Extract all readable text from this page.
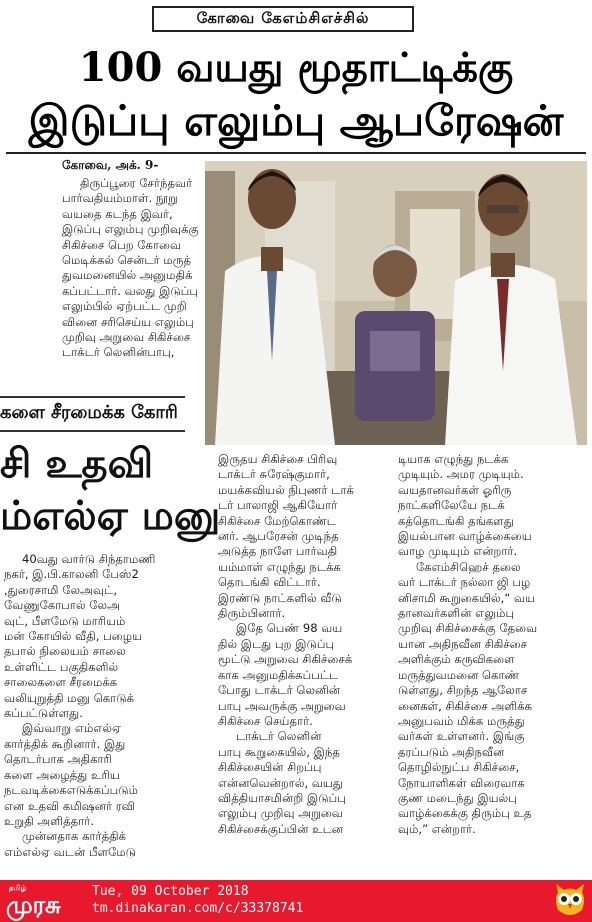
கோவை கேஎம்சிஎச்சில்
100 வயது மூதாட்டிக்கு
இடுப்பு எலும்பு ஆபரேஷன்
கோவை, அக். 9-

திருப்பூரை சேர்ந்தவர்

பார்வதியம்மாள். நூறு

வயதை கடந்த இவர்,

இடுப்பு எலும்பு முறிவுக்கு

சிகிச்சை பெற கோவை

மெடிக்கல் சென்டர் மருத்

துவமனையில் அனுமதிக்

கப்பட்டார். வலது இடுப்பு

எலும்பில் ஏற்பட்ட முறி

வினை சரிசெய்ய எலும்பு

முறிவு அறுவை சிகிச்சை

டாக்டர் லெனின்பாபு,

களை சீரமைக்க கோரி
சி உதவி
ம்எல்ஏ மனு

40வது வார்டு சிந்தாமணி

நகர், இ.பி.காலனி பேஸ்2

,துரைசாமி லேஅவுட்,

வேணுகோபால் லேஅ

வுட், பீளமேடு மாரியம்

மன் கோயில் வீதி, பழைய

தபால் நிலையம் சாலை

உள்ளிட்ட பகுதிகளில்

சாலைகளை சீரமைக்க

வலியுறுத்தி மனு கொடுக்

கப்பட்டுள்ளது.

இவ்வாறு எம்எல்ஏ

கார்த்திக் கூறினார். இது

தொடர்பாக அதிகாரி

களை அழைத்து உரிய

நடவடிக்கைஎடுக்கப்படும்

என உதவி கமிஷனர் ரவி

உறுதி அளித்தார்.

முன்னதாக கார்த்திக்

எம்எல்ஏ வடன் பீளமேடு

இருதய சிகிச்சை பிரிவு

டாக்டர் சுரேஷ்குமார்,

மயக்கவியல் நிபுணர் டாக்

டர் பாலாஜி ஆகியோர்

சிகிச்சை மேற்கொண்ட

னர். ஆபரேசன் முடிந்த

அடுத்த நாளே பார்வதி

யம்மாள் எழுந்து நடக்க

தொடங்கி விட்டார்.

இரண்டு நாட்களில் வீடு

திரும்பினார்.

இதே பெண் 98 வய

தில் இடது புற இடுப்பு

மூட்டு அறுவை சிகிச்சைக்

காக அனுமதிக்கப்பட்ட

போது டாக்டர் லெனின்

பாபு அவருக்கு அறுவை

சிகிச்சை செய்தார்.

டாக்டர் லெனின்

பாபு கூறுகையில், இந்த

சிகிச்சையின் சிறப்பு

என்னவென்றால், வயது

வித்தியாசமின்றி இடுப்பு

எலும்பு முறிவு அறுவை

சிகிச்சைக்குப்பின் உடன

டியாக எழுந்து நடக்க

முடியும். அமர முடியும்.

வயதானவர்கள் ஓரிரு

நாட்களிலேயே நடக்

கத்தொடங்கி தங்களது

இயல்பான வாழ்க்கையை

வாழ முடியும் என்றார்.

கேஎம்சிஹெச் தலை

வர் டாக்டர் நல்லா ஜி பழ

னிசாமி கூறுகையில்,“ வய

தானவர்களின் எலும்பு

முறிவு சிகிச்சைக்கு தேவை

யான அதிநவீன சிகிச்சை

அளிக்கும் கருவிகளை

மருத்துவமனை கொண்

டுள்ளது, சிறந்த ஆலோச

னைகள், சிகிச்சை அளிக்க

அனுபவம் மிக்க மருத்து

வர்கள் உள்ளனர். இங்கு

தரப்படும் அதிநவீன

தொழில்நுட்ப சிகிச்சை,

நோயாளிகள் விரைவாக

குண மடைந்து இயல்பு

வாழ்க்கைக்கு திரும்பு உத

வும்,” என்றார்.

தமிழ்
முரசு Tue, 09 October 2018
tm.dinakaran.com/c/33378741
